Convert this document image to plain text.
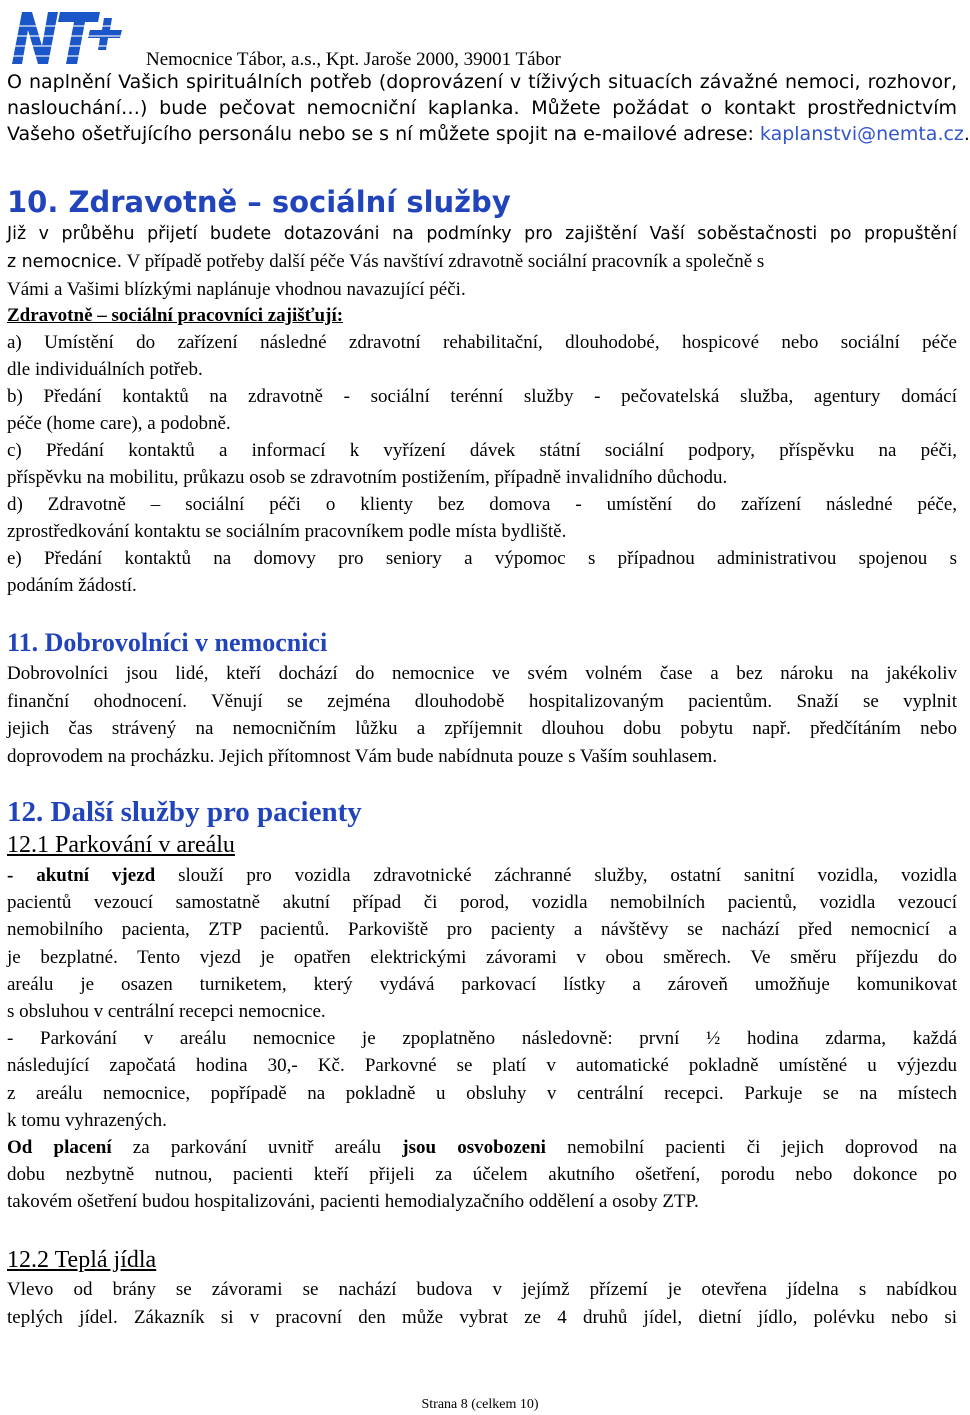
Nemocnice Tábor, a.s., Kpt. Jaroše 2000, 39001 Tábor
O naplnění Vašich spirituálních potřeb (doprovázení v tíživých situacích závažné nemoci, rozhovor,
naslouchání…) bude pečovat nemocniční kaplanka. Můžete požádat o kontakt prostřednictvím
Vašeho ošetřujícího personálu nebo se s ní můžete spojit na e-mailové adrese: kaplanstvi@nemta.cz.
10. Zdravotně – sociální služby
Již v průběhu přijetí budete dotazováni na podmínky pro zajištění Vaší soběstačnosti po propuštění
z nemocnice. V případě potřeby další péče Vás navštíví zdravotně sociální pracovník a společně s
Vámi a Vašimi blízkými naplánuje vhodnou navazující péči.
Zdravotně – sociální pracovníci zajišťují:
a) Umístění do zařízení následné zdravotní rehabilitační, dlouhodobé, hospicové nebo sociální péče
dle individuálních potřeb.
b) Předání kontaktů na zdravotně - sociální terénní služby - pečovatelská služba, agentury domácí
péče (home care), a podobně.
c) Předání kontaktů a informací k vyřízení dávek státní sociální podpory, příspěvku na péči,
příspěvku na mobilitu, průkazu osob se zdravotním postižením, případně invalidního důchodu.
d) Zdravotně – sociální péči o klienty bez domova - umístění do zařízení následné péče,
zprostředkování kontaktu se sociálním pracovníkem podle místa bydliště.
e) Předání kontaktů na domovy pro seniory a výpomoc s případnou administrativou spojenou s
podáním žádostí.
11. Dobrovolníci v nemocnici
Dobrovolníci jsou lidé, kteří dochází do nemocnice ve svém volném čase a bez nároku na jakékoliv
finanční ohodnocení. Věnují se zejména dlouhodobě hospitalizovaným pacientům. Snaží se vyplnit
jejich čas strávený na nemocničním lůžku a zpříjemnit dlouhou dobu pobytu např. předčítáním nebo
doprovodem na procházku. Jejich přítomnost Vám bude nabídnuta pouze s Vaším souhlasem.
12. Další služby pro pacienty
12.1 Parkování v areálu
- akutní vjezd slouží pro vozidla zdravotnické záchranné služby, ostatní sanitní vozidla, vozidla
pacientů vezoucí samostatně akutní případ či porod, vozidla nemobilních pacientů, vozidla vezoucí
nemobilního pacienta, ZTP pacientů. Parkoviště pro pacienty a návštěvy se nachází před nemocnicí a
je bezplatné. Tento vjezd je opatřen elektrickými závorami v obou směrech. Ve směru příjezdu do
areálu je osazen turniketem, který vydává parkovací lístky a zároveň umožňuje komunikovat
s obsluhou v centrální recepci nemocnice.
- Parkování v areálu nemocnice je zpoplatněno následovně: první ½ hodina zdarma, každá
následující započatá hodina 30,- Kč. Parkovné se platí v automatické pokladně umístěné u výjezdu
z areálu nemocnice, popřípadě na pokladně u obsluhy v centrální recepci. Parkuje se na místech
k tomu vyhrazených.
Od placení za parkování uvnitř areálu jsou osvobozeni nemobilní pacienti či jejich doprovod na
dobu nezbytně nutnou, pacienti kteří přijeli za účelem akutního ošetření, porodu nebo dokonce po
takovém ošetření budou hospitalizováni, pacienti hemodialyzačního oddělení a osoby ZTP.
12.2 Teplá jídla
Vlevo od brány se závorami se nachází budova v jejímž přízemí je otevřena jídelna s nabídkou
teplých jídel. Zákazník si v pracovní den může vybrat ze 4 druhů jídel, dietní jídlo, polévku nebo si
Strana 8 (celkem 10)
